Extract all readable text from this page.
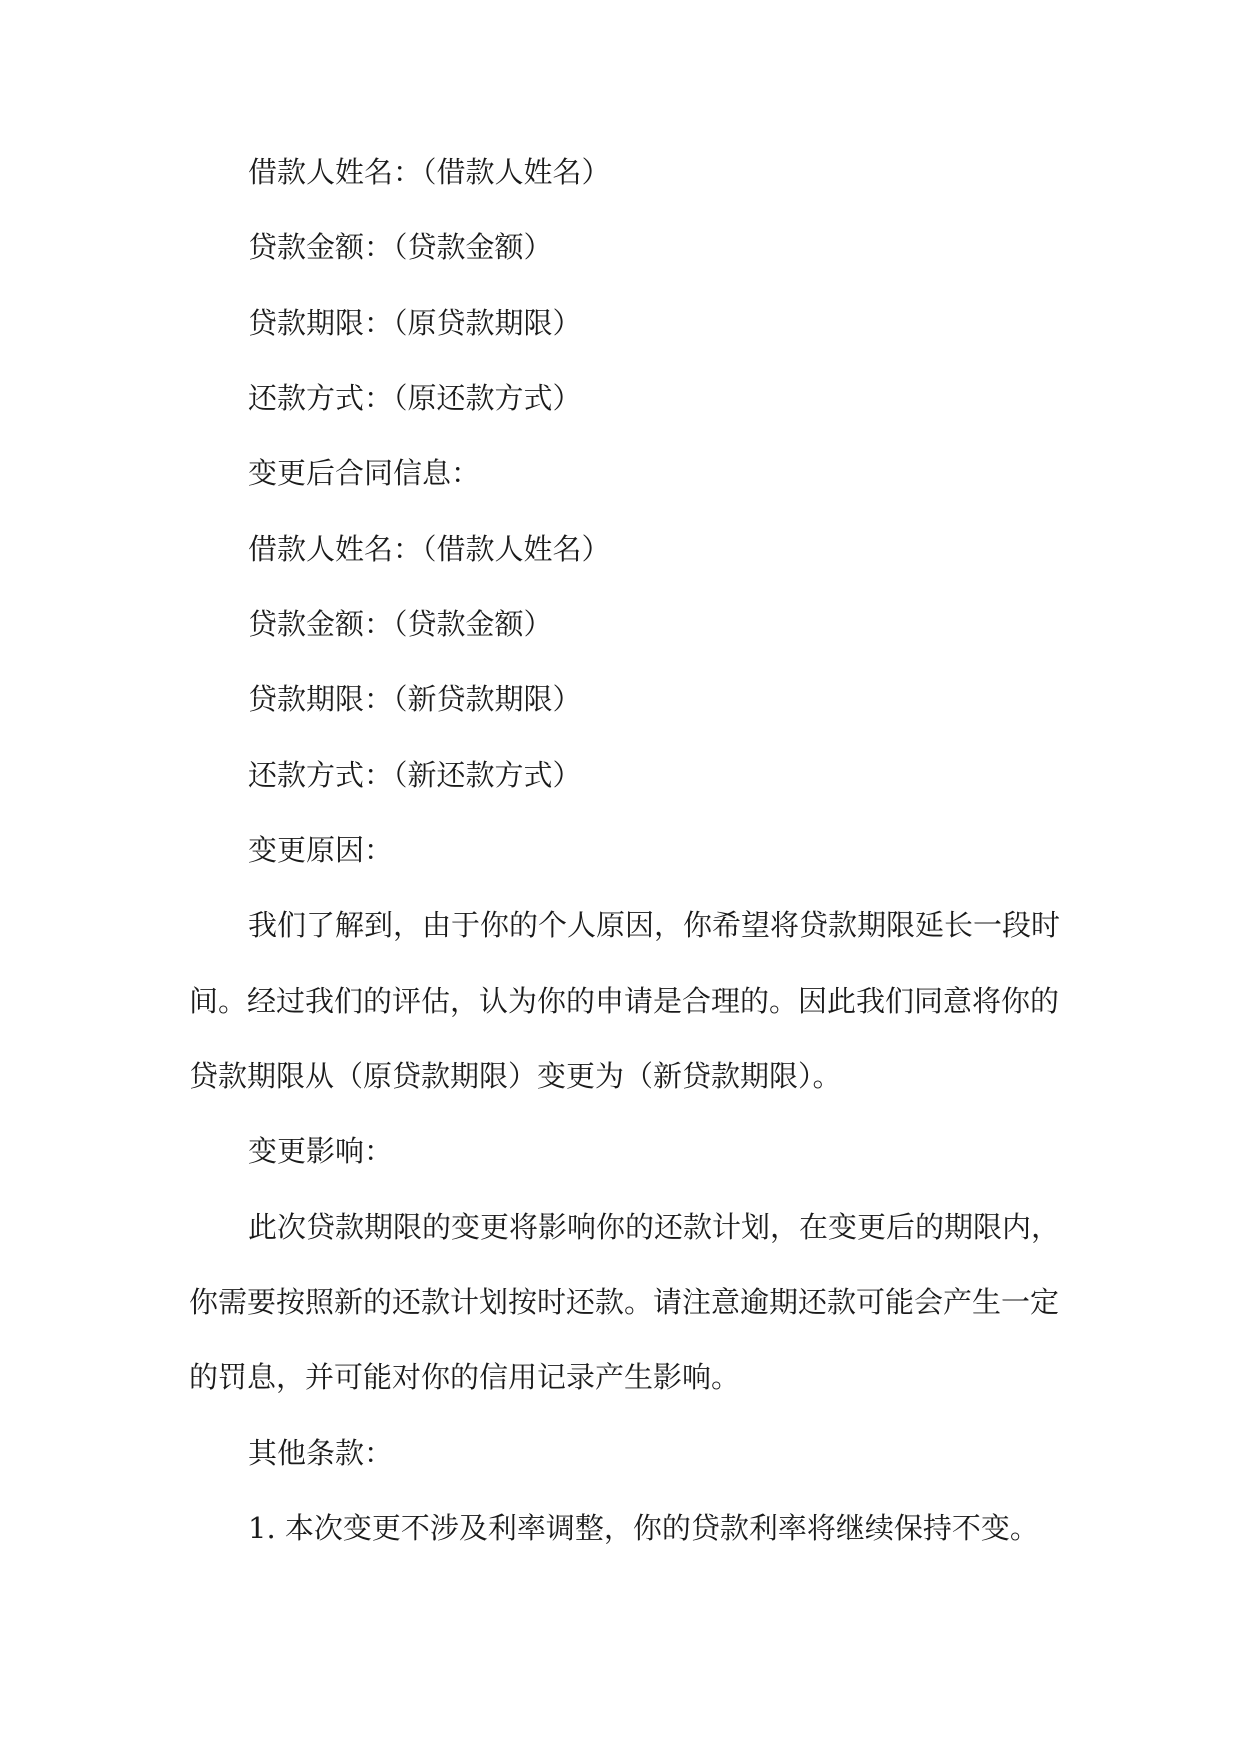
借款人姓名：（借款人姓名）

贷款金额：（贷款金额）

贷款期限：（原贷款期限）

还款方式：（原还款方式）

变更后合同信息：

借款人姓名：（借款人姓名）

贷款金额：（贷款金额）

贷款期限：（新贷款期限）

还款方式：（新还款方式）

变更原因：

我们了解到，由于你的个人原因，你希望将贷款期限延长一段时

间。经过我们的评估，认为你的申请是合理的。因此我们同意将你的

贷款期限从（原贷款期限）变更为（新贷款期限）。

变更影响：

此次贷款期限的变更将影响你的还款计划，在变更后的期限内，

你需要按照新的还款计划按时还款。请注意逾期还款可能会产生一定

的罚息，并可能对你的信用记录产生影响。

其他条款：

1. 本次变更不涉及利率调整，你的贷款利率将继续保持不变。
